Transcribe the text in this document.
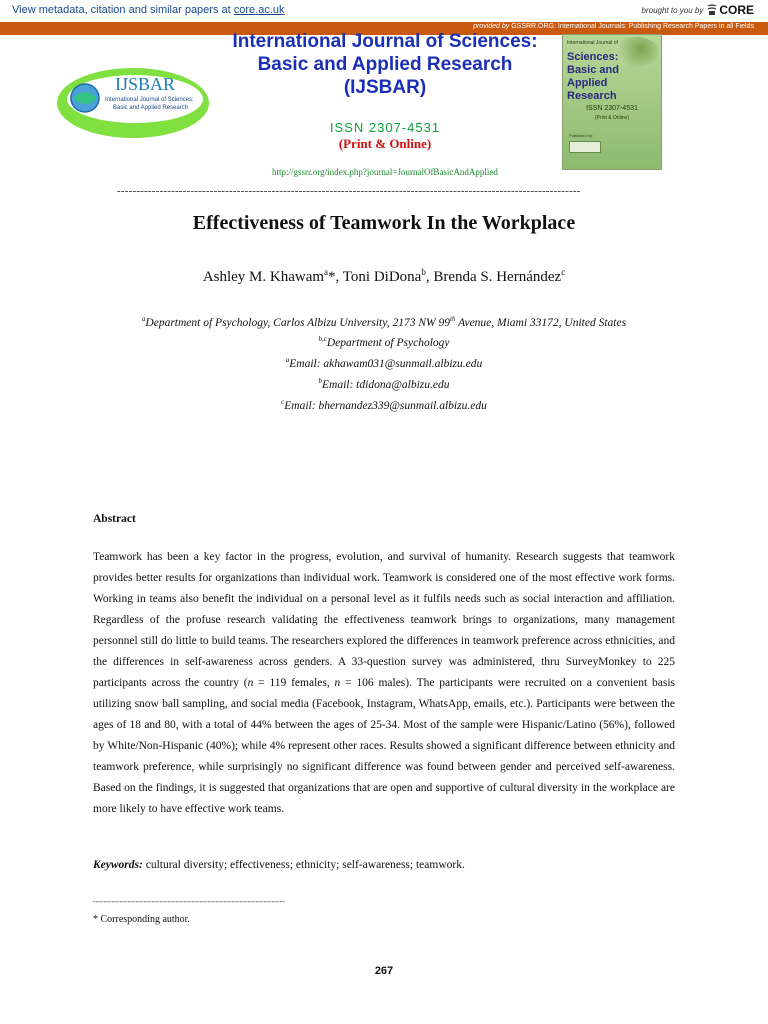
View metadata, citation and similar papers at core.ac.uk	brought to you by CORE
provided by GSSRR.ORG: International Journals: Publishing Research Papers in all Fields
IJSBAR
International Journal of Sciences:
Basic and Applied Research
International Journal of Sciences:
Basic and Applied Research
(IJSBAR)
ISSN 2307-4531
(Print & Online)
http://gssrr.org/index.php?journal=JournalOfBasicAndApplied
International Journal of
Sciences:
Basic and Applied
Research
ISSN 2307-4531
(Print & Online)
Published by:
------------------------------------------------------------------------------------------------------------------------
Effectiveness of Teamwork In the Workplace
Ashley M. Khawam$^a$*, Toni DiDona$^b$, Brenda S. Hernández$^c$
$^a$Department of Psychology, Carlos Albizu University, 2173 NW 99th Avenue, Miami 33172, United States
$^{b,c}$Department of Psychology
$^a$Email: akhawam031@sunmail.albizu.edu
$^b$Email: tdidona@albizu.edu
$^c$Email: bhernandez339@sunmail.albizu.edu
Abstract
Teamwork has been a key factor in the progress, evolution, and survival of humanity. Research suggests that teamwork provides better results for organizations than individual work. Teamwork is considered one of the most effective work forms. Working in teams also benefit the individual on a personal level as it fulfils needs such as social interaction and affiliation. Regardless of the profuse research validating the effectiveness teamwork brings to organizations, many management personnel still do little to build teams. The researchers explored the differences in teamwork preference across ethnicities, and the differences in self-awareness across genders. A 33-question survey was administered, thru SurveyMonkey to 225 participants across the country (n = 119 females, n = 106 males). The participants were recruited on a convenient basis utilizing snow ball sampling, and social media (Facebook, Instagram, WhatsApp, emails, etc.). Participants were between the ages of 18 and 80, with a total of 44% between the ages of 25-34. Most of the sample were Hispanic/Latino (56%), followed by White/Non-Hispanic (40%); while 4% represent other races. Results showed a significant difference between ethnicity and teamwork preference, while surprisingly no significant difference was found between gender and perceived self-awareness. Based on the findings, it is suggested that organizations that are open and supportive of cultural diversity in the workplace are more likely to have effective work teams.
Keywords: cultural diversity; effectiveness; ethnicity; self-awareness; teamwork.
------------------------------------------------------------------------
* Corresponding author.
267
